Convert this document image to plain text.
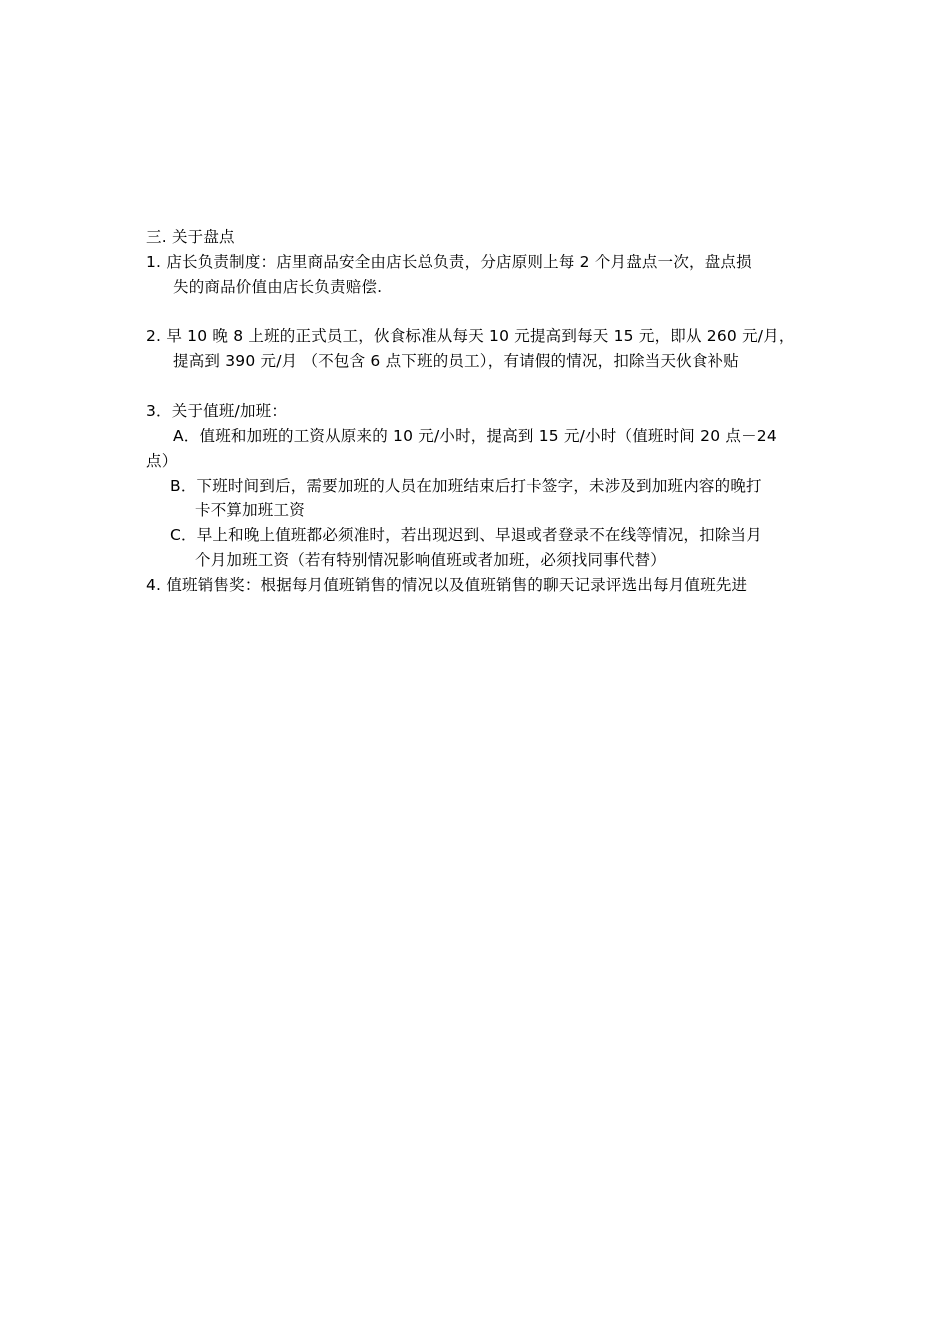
三. 关于盘点
1. 店长负责制度：店里商品安全由店长总负责，分店原则上每 2 个月盘点一次，盘点损
失的商品价值由店长负责赔偿.
2. 早 10 晚 8 上班的正式员工，伙食标准从每天 10 元提高到每天 15 元，即从 260 元/月，
提高到 390 元/月 （不包含 6 点下班的员工），有请假的情况，扣除当天伙食补贴
3．关于值班/加班：
A．值班和加班的工资从原来的 10 元/小时，提高到 15 元/小时（值班时间 20 点－24
点）
B．下班时间到后，需要加班的人员在加班结束后打卡签字，未涉及到加班内容的晚打
卡不算加班工资
C．早上和晚上值班都必须准时，若出现迟到、早退或者登录不在线等情况，扣除当月
个月加班工资（若有特别情况影响值班或者加班，必须找同事代替）
4. 值班销售奖：根据每月值班销售的情况以及值班销售的聊天记录评选出每月值班先进
